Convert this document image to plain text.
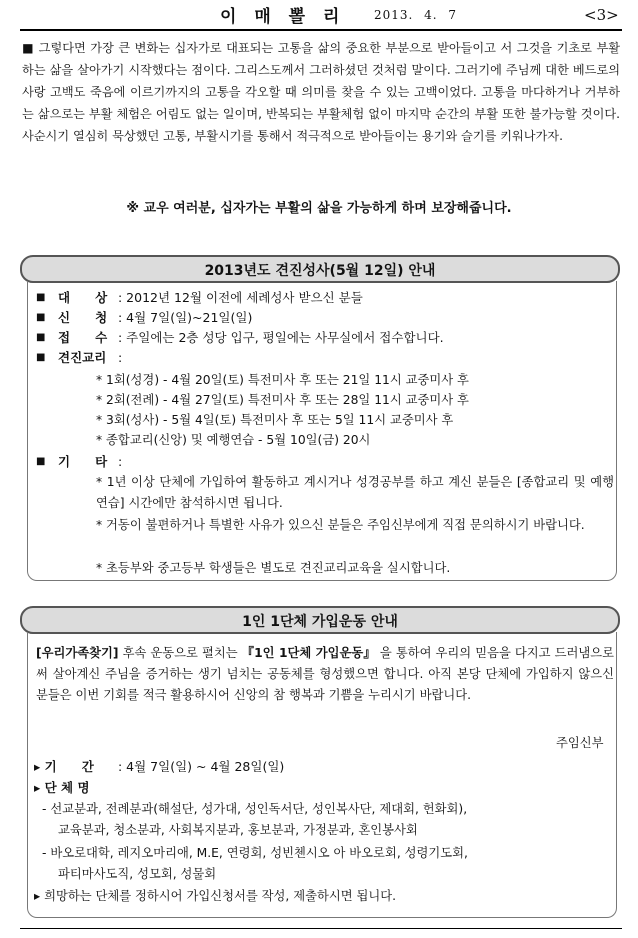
이 매 뽈 리 2013. 4. 7	<3>
■ 그렇다면 가장 큰 변화는 십자가로 대표되는 고통을 삶의 중요한 부분으로 받아들이고 서 그것을 기초로 부활하는 삶을 살아가기 시작했다는 점이다. 그리스도께서 그러하셨던 것처럼 말이다. 그러기에 주님께 대한 베드로의 사랑 고백도 죽음에 이르기까지의 고통을 각오할 때 의미를 찾을 수 있는 고백이었다. 고통을 마다하거나 거부하는 삶으로는 부활 체험은 어림도 없는 일이며, 반복되는 부활체험 없이 마지막 순간의 부활 또한 불가능할 것이다. 사순시기 열심히 묵상했던 고통, 부활시기를 통해서 적극적으로 받아들이는 용기와 슬기를 키워나가자.
※ 교우 여러분, 십자가는 부활의 삶을 가능하게 하며 보장해줍니다.
2013년도 견진성사(5월 12일) 안내
■ 대　　상 : 2012년 12월 이전에 세례성사 받으신 분들
■ 신　　청 : 4월 7일(일)~21일(일)
■ 접　　수 : 주일에는 2층 성당 입구, 평일에는 사무실에서 접수합니다.
■ 견진교리 :
* 1회(성경) - 4월 20일(토) 특전미사 후 또는 21일 11시 교중미사 후
* 2회(전례) - 4월 27일(토) 특전미사 후 또는 28일 11시 교중미사 후
* 3회(성사) - 5월 4일(토) 특전미사 후 또는 5일 11시 교중미사 후
* 종합교리(신앙) 및 예행연습 - 5월 10일(금) 20시
■ 기　　타 :
* 1년 이상 단체에 가입하여 활동하고 계시거나 성경공부를 하고 계신 분들은 [종합교리 및 예행연습] 시간에만 참석하시면 됩니다.
* 거동이 불편하거나 특별한 사유가 있으신 분들은 주임신부에게 직접 문의하시기 바랍니다.
* 초등부와 중고등부 학생들은 별도로 견진교리교육을 실시합니다.
1인 1단체 가입운동 안내
[우리가족찾기] 후속 운동으로 펼치는 『1인 1단체 가입운동』 을 통하여 우리의 믿음을 다지고 드러냄으로써 살아계신 주님을 증거하는 생기 넘치는 공동체를 형성했으면 합니다. 아직 본당 단체에 가입하지 않으신 분들은 이번 기회를 적극 활용하시어 신앙의 참 행복과 기쁨을 누리시기 바랍니다.
주임신부
▸ 기　　간 : 4월 7일(일) ~ 4월 28일(일)
▸ 단 체 명
- 선교분과, 전례분과(해설단, 성가대, 성인독서단, 성인복사단, 제대회, 헌화회),
교육분과, 청소분과, 사회복지분과, 홍보분과, 가정분과, 혼인봉사회
- 바오로대학, 레지오마리애, M.E, 연령회, 성빈첸시오 아 바오로회, 성령기도회,
파티마사도직, 성모회, 성물회
▸ 희망하는 단체를 정하시어 가입신청서를 작성, 제출하시면 됩니다.
